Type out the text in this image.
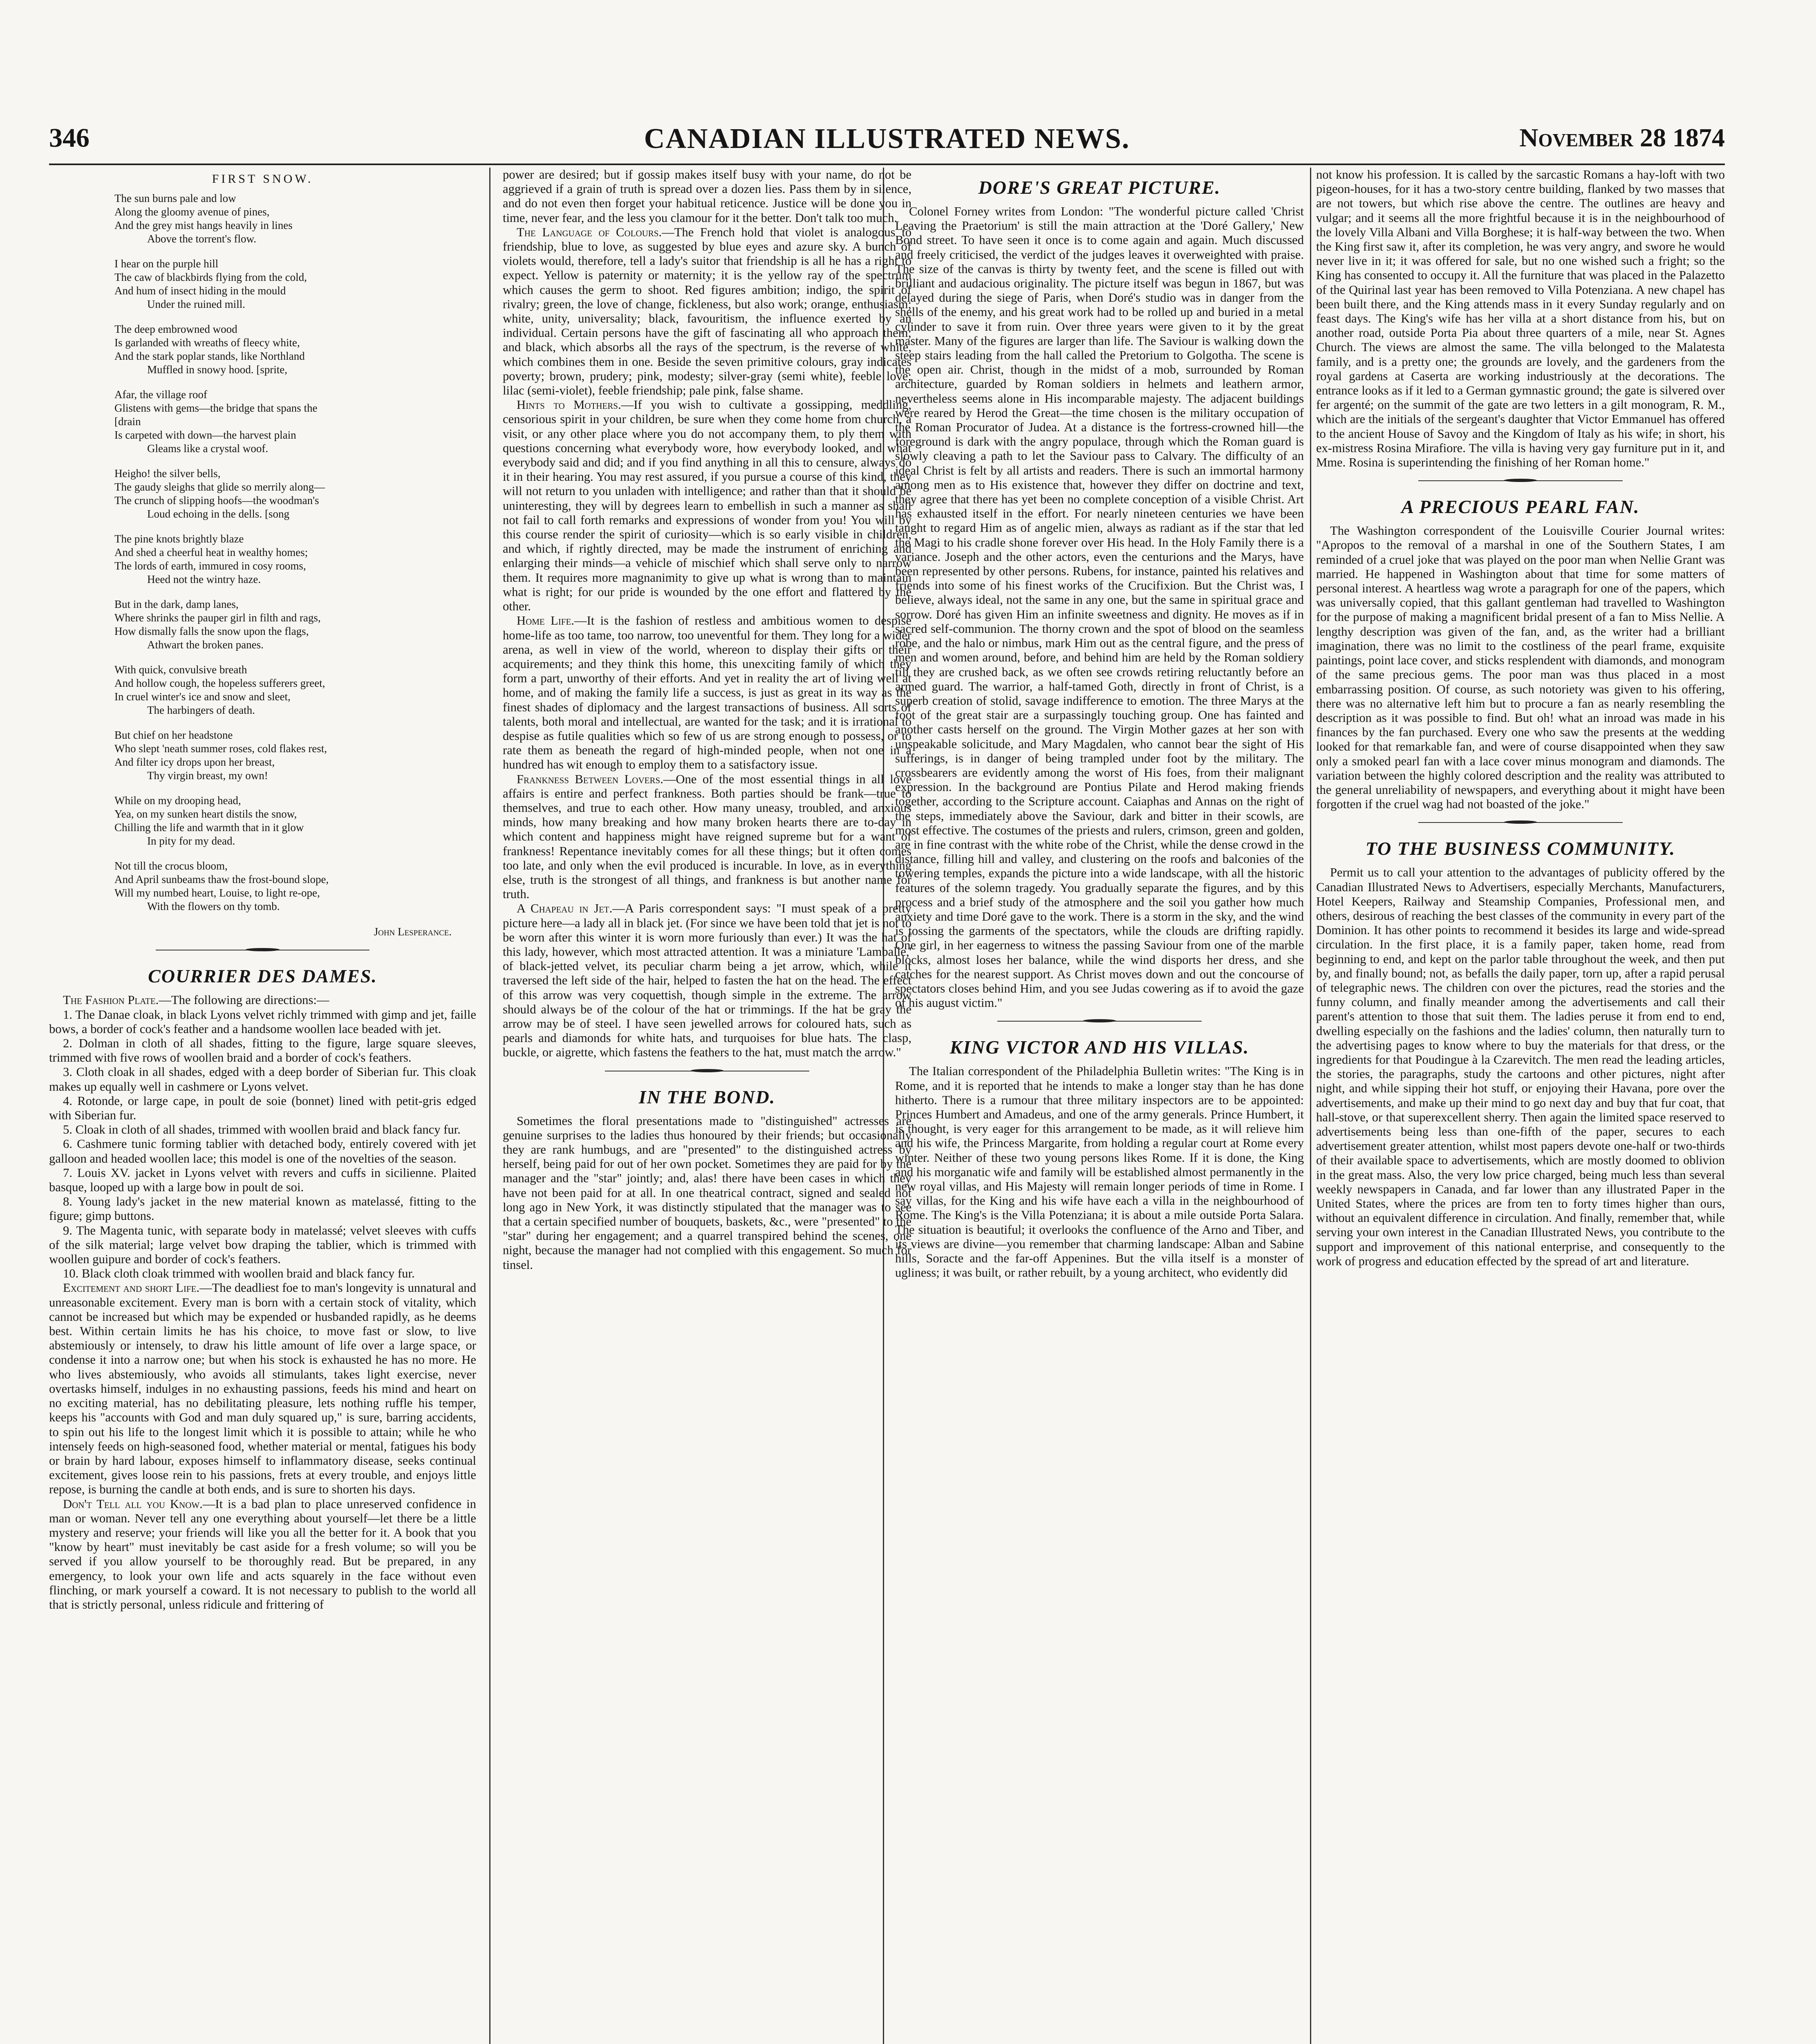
346	CANADIAN ILLUSTRATED NEWS.	November 28 1874
FIRST SNOW.
The sun burns pale and low
Along the gloomy avenue of pines,
And the grey mist hangs heavily in lines
Above the torrent's flow.
I hear on the purple hill
The caw of blackbirds flying from the cold,
And hum of insect hiding in the mould
Under the ruined mill.
The deep embrowned wood
Is garlanded with wreaths of fleecy white,
And the stark poplar stands, like Northland
Muffled in snowy hood. [sprite,
Afar, the village roof
Glistens with gems—the bridge that spans the
[drain
Is carpeted with down—the harvest plain
Gleams like a crystal woof.
Heigho! the silver bells,
The gaudy sleighs that glide so merrily along—
The crunch of slipping hoofs—the woodman's
Loud echoing in the dells. [song
The pine knots brightly blaze
And shed a cheerful heat in wealthy homes;
The lords of earth, immured in cosy rooms,
Heed not the wintry haze.
But in the dark, damp lanes,
Where shrinks the pauper girl in filth and rags,
How dismally falls the snow upon the flags,
Athwart the broken panes.
With quick, convulsive breath
And hollow cough, the hopeless sufferers greet,
In cruel winter's ice and snow and sleet,
The harbingers of death.
But chief on her headstone
Who slept 'neath summer roses, cold flakes rest,
And filter icy drops upon her breast,
Thy virgin breast, my own!
While on my drooping head,
Yea, on my sunken heart distils the snow,
Chilling the life and warmth that in it glow
In pity for my dead.
Not till the crocus bloom,
And April sunbeams thaw the frost-bound slope,
Will my numbed heart, Louise, to light re-ope,
With the flowers on thy tomb.
John Lesperance.
COURRIER DES DAMES.

The Fashion Plate.—The following are directions:—

1. The Danae cloak, in black Lyons velvet richly trimmed with gimp and jet, faille bows, a border of cock's feather and a handsome woollen lace beaded with jet.

2. Dolman in cloth of all shades, fitting to the figure, large square sleeves, trimmed with five rows of woollen braid and a border of cock's feathers.

3. Cloth cloak in all shades, edged with a deep border of Siberian fur. This cloak makes up equally well in cashmere or Lyons velvet.

4. Rotonde, or large cape, in poult de soie (bonnet) lined with petit-gris edged with Siberian fur.

5. Cloak in cloth of all shades, trimmed with woollen braid and black fancy fur.

6. Cashmere tunic forming tablier with detached body, entirely covered with jet galloon and headed woollen lace; this model is one of the novelties of the season.

7. Louis XV. jacket in Lyons velvet with revers and cuffs in sicilienne. Plaited basque, looped up with a large bow in poult de soi.

8. Young lady's jacket in the new material known as matelassé, fitting to the figure; gimp buttons.

9. The Magenta tunic, with separate body in matelassé; velvet sleeves with cuffs of the silk material; large velvet bow draping the tablier, which is trimmed with woollen guipure and border of cock's feathers.

10. Black cloth cloak trimmed with woollen braid and black fancy fur.

Excitement and short Life.—The deadliest foe to man's longevity is unnatural and unreasonable excitement. Every man is born with a certain stock of vitality, which cannot be increased but which may be expended or husbanded rapidly, as he deems best. Within certain limits he has his choice, to move fast or slow, to live abstemiously or intensely, to draw his little amount of life over a large space, or condense it into a narrow one; but when his stock is exhausted he has no more. He who lives abstemiously, who avoids all stimulants, takes light exercise, never overtasks himself, indulges in no exhausting passions, feeds his mind and heart on no exciting material, has no debilitating pleasure, lets nothing ruffle his temper, keeps his "accounts with God and man duly squared up," is sure, barring accidents, to spin out his life to the longest limit which it is possible to attain; while he who intensely feeds on high-seasoned food, whether material or mental, fatigues his body or brain by hard labour, exposes himself to inflammatory disease, seeks continual excitement, gives loose rein to his passions, frets at every trouble, and enjoys little repose, is burning the candle at both ends, and is sure to shorten his days.

Don't Tell all you Know.—It is a bad plan to place unreserved confidence in man or woman. Never tell any one everything about yourself—let there be a little mystery and reserve; your friends will like you all the better for it. A book that you "know by heart" must inevitably be cast aside for a fresh volume; so will you be served if you allow yourself to be thoroughly read. But be prepared, in any emergency, to look your own life and acts squarely in the face without even flinching, or mark yourself a coward. It is not necessary to publish to the world all that is strictly personal, unless ridicule and frittering of

power are desired; but if gossip makes itself busy with your name, do not be aggrieved if a grain of truth is spread over a dozen lies. Pass them by in silence, and do not even then forget your habitual reticence. Justice will be done you in time, never fear, and the less you clamour for it the better. Don't talk too much.

The Language of Colours.—The French hold that violet is analogous to friendship, blue to love, as suggested by blue eyes and azure sky. A bunch of violets would, therefore, tell a lady's suitor that friendship is all he has a right to expect. Yellow is paternity or maternity; it is the yellow ray of the spectrum which causes the germ to shoot. Red figures ambition; indigo, the spirit of rivalry; green, the love of change, fickleness, but also work; orange, enthusiasm; white, unity, universality; black, favouritism, the influence exerted by an individual. Certain persons have the gift of fascinating all who approach them; and black, which absorbs all the rays of the spectrum, is the reverse of white, which combines them in one. Beside the seven primitive colours, gray indicates poverty; brown, prudery; pink, modesty; silver-gray (semi white), feeble love; lilac (semi-violet), feeble friendship; pale pink, false shame.

Hints to Mothers.—If you wish to cultivate a gossipping, meddling, censorious spirit in your children, be sure when they come home from church, a visit, or any other place where you do not accompany them, to ply them with questions concerning what everybody wore, how everybody looked, and what everybody said and did; and if you find anything in all this to censure, always do it in their hearing. You may rest assured, if you pursue a course of this kind, they will not return to you unladen with intelligence; and rather than that it should be uninteresting, they will by degrees learn to embellish in such a manner as shall not fail to call forth remarks and expressions of wonder from you! You will by this course render the spirit of curiosity—which is so early visible in children, and which, if rightly directed, may be made the instrument of enriching and enlarging their minds—a vehicle of mischief which shall serve only to narrow them. It requires more magnanimity to give up what is wrong than to maintain what is right; for our pride is wounded by the one effort and flattered by the other.

Home Life.—It is the fashion of restless and ambitious women to despise home-life as too tame, too narrow, too uneventful for them. They long for a wider arena, as well in view of the world, whereon to display their gifts or their acquirements; and they think this home, this unexciting family of which they form a part, unworthy of their efforts. And yet in reality the art of living well at home, and of making the family life a success, is just as great in its way as the finest shades of diplomacy and the largest transactions of business. All sorts of talents, both moral and intellectual, are wanted for the task; and it is irrational to despise as futile qualities which so few of us are strong enough to possess, or to rate them as beneath the regard of high-minded people, when not one in a hundred has wit enough to employ them to a satisfactory issue.

Frankness Between Lovers.—One of the most essential things in all love affairs is entire and perfect frankness. Both parties should be frank—true to themselves, and true to each other. How many uneasy, troubled, and anxious minds, how many breaking and how many broken hearts there are to-day in which content and happiness might have reigned supreme but for a want of frankness! Repentance inevitably comes for all these things; but it often comes too late, and only when the evil produced is incurable. In love, as in everything else, truth is the strongest of all things, and frankness is but another name for truth.

A Chapeau in Jet.—A Paris correspondent says: "I must speak of a pretty picture here—a lady all in black jet. (For since we have been told that jet is not to be worn after this winter it is worn more furiously than ever.) It was the hat of this lady, however, which most attracted attention. It was a miniature 'Lamballe,' of black-jetted velvet, its peculiar charm being a jet arrow, which, while it traversed the left side of the hair, helped to fasten the hat on the head. The effect of this arrow was very coquettish, though simple in the extreme. The arrow should always be of the colour of the hat or trimmings. If the hat be gray the arrow may be of steel. I have seen jewelled arrows for coloured hats, such as pearls and diamonds for white hats, and turquoises for blue hats. The clasp, buckle, or aigrette, which fastens the feathers to the hat, must match the arrow."

IN THE BOND.

Sometimes the floral presentations made to "distinguished" actresses are genuine surprises to the ladies thus honoured by their friends; but occasionally they are rank humbugs, and are "presented" to the distinguished actress by herself, being paid for out of her own pocket. Sometimes they are paid for by the manager and the "star" jointly; and, alas! there have been cases in which they have not been paid for at all. In one theatrical contract, signed and sealed not long ago in New York, it was distinctly stipulated that the manager was to see that a certain specified number of bouquets, baskets, &c., were "presented" to the "star" during her engagement; and a quarrel transpired behind the scenes, one night, because the manager had not complied with this engagement. So much for tinsel.

DORE'S GREAT PICTURE.

Colonel Forney writes from London: "The wonderful picture called 'Christ Leaving the Praetorium' is still the main attraction at the 'Doré Gallery,' New Bond street. To have seen it once is to come again and again. Much discussed and freely criticised, the verdict of the judges leaves it overweighted with praise. The size of the canvas is thirty by twenty feet, and the scene is filled out with brilliant and audacious originality. The picture itself was begun in 1867, but was delayed during the siege of Paris, when Doré's studio was in danger from the shells of the enemy, and his great work had to be rolled up and buried in a metal cylinder to save it from ruin. Over three years were given to it by the great master. Many of the figures are larger than life. The Saviour is walking down the steep stairs leading from the hall called the Pretorium to Golgotha. The scene is the open air. Christ, though in the midst of a mob, surrounded by Roman architecture, guarded by Roman soldiers in helmets and leathern armor, nevertheless seems alone in His incomparable majesty. The adjacent buildings were reared by Herod the Great—the time chosen is the military occupation of the Roman Procurator of Judea. At a distance is the fortress-crowned hill—the foreground is dark with the angry populace, through which the Roman guard is slowly cleaving a path to let the Saviour pass to Calvary. The difficulty of an ideal Christ is felt by all artists and readers. There is such an immortal harmony among men as to His existence that, however they differ on doctrine and text, they agree that there has yet been no complete conception of a visible Christ. Art has exhausted itself in the effort. For nearly nineteen centuries we have been taught to regard Him as of angelic mien, always as radiant as if the star that led the Magi to his cradle shone forever over His head. In the Holy Family there is a variance. Joseph and the other actors, even the centurions and the Marys, have been represented by other persons. Rubens, for instance, painted his relatives and friends into some of his finest works of the Crucifixion. But the Christ was, I believe, always ideal, not the same in any one, but the same in spiritual grace and sorrow. Doré has given Him an infinite sweetness and dignity. He moves as if in sacred self-communion. The thorny crown and the spot of blood on the seamless robe, and the halo or nimbus, mark Him out as the central figure, and the press of men and women around, before, and behind him are held by the Roman soldiery till they are crushed back, as we often see crowds retiring reluctantly before an armed guard. The warrior, a half-tamed Goth, directly in front of Christ, is a superb creation of stolid, savage indifference to emotion. The three Marys at the foot of the great stair are a surpassingly touching group. One has fainted and another casts herself on the ground. The Virgin Mother gazes at her son with unspeakable solicitude, and Mary Magdalen, who cannot bear the sight of His sufferings, is in danger of being trampled under foot by the military. The crossbearers are evidently among the worst of His foes, from their malignant expression. In the background are Pontius Pilate and Herod making friends together, according to the Scripture account. Caiaphas and Annas on the right of the steps, immediately above the Saviour, dark and bitter in their scowls, are most effective. The costumes of the priests and rulers, crimson, green and golden, are in fine contrast with the white robe of the Christ, while the dense crowd in the distance, filling hill and valley, and clustering on the roofs and balconies of the towering temples, expands the picture into a wide landscape, with all the historic features of the solemn tragedy. You gradually separate the figures, and by this process and a brief study of the atmosphere and the soil you gather how much anxiety and time Doré gave to the work. There is a storm in the sky, and the wind is tossing the garments of the spectators, while the clouds are drifting rapidly. One girl, in her eagerness to witness the passing Saviour from one of the marble blocks, almost loses her balance, while the wind disports her dress, and she catches for the nearest support. As Christ moves down and out the concourse of spectators closes behind Him, and you see Judas cowering as if to avoid the gaze of his august victim."

KING VICTOR AND HIS VILLAS.

The Italian correspondent of the Philadelphia Bulletin writes: "The King is in Rome, and it is reported that he intends to make a longer stay than he has done hitherto. There is a rumour that three military inspectors are to be appointed: Princes Humbert and Amadeus, and one of the army generals. Prince Humbert, it is thought, is very eager for this arrangement to be made, as it will relieve him and his wife, the Princess Margarite, from holding a regular court at Rome every winter. Neither of these two young persons likes Rome. If it is done, the King and his morganatic wife and family will be established almost permanently in the new royal villas, and His Majesty will remain longer periods of time in Rome. I say villas, for the King and his wife have each a villa in the neighbourhood of Rome. The King's is the Villa Potenziana; it is about a mile outside Porta Salara. The situation is beautiful; it overlooks the confluence of the Arno and Tiber, and its views are divine—you remember that charming landscape: Alban and Sabine hills, Soracte and the far-off Appenines. But the villa itself is a monster of ugliness; it was built, or rather rebuilt, by a young architect, who evidently did

not know his profession. It is called by the sarcastic Romans a hay-loft with two pigeon-houses, for it has a two-story centre building, flanked by two masses that are not towers, but which rise above the centre. The outlines are heavy and vulgar; and it seems all the more frightful because it is in the neighbourhood of the lovely Villa Albani and Villa Borghese; it is half-way between the two. When the King first saw it, after its completion, he was very angry, and swore he would never live in it; it was offered for sale, but no one wished such a fright; so the King has consented to occupy it. All the furniture that was placed in the Palazetto of the Quirinal last year has been removed to Villa Potenziana. A new chapel has been built there, and the King attends mass in it every Sunday regularly and on feast days. The King's wife has her villa at a short distance from his, but on another road, outside Porta Pia about three quarters of a mile, near St. Agnes Church. The views are almost the same. The villa belonged to the Malatesta family, and is a pretty one; the grounds are lovely, and the gardeners from the royal gardens at Caserta are working industriously at the decorations. The entrance looks as if it led to a German gymnastic ground; the gate is silvered over fer argenté; on the summit of the gate are two letters in a gilt monogram, R. M., which are the initials of the sergeant's daughter that Victor Emmanuel has offered to the ancient House of Savoy and the Kingdom of Italy as his wife; in short, his ex-mistress Rosina Mirafiore. The villa is having very gay furniture put in it, and Mme. Rosina is superintending the finishing of her Roman home."

A PRECIOUS PEARL FAN.

The Washington correspondent of the Louisville Courier Journal writes: "Apropos to the removal of a marshal in one of the Southern States, I am reminded of a cruel joke that was played on the poor man when Nellie Grant was married. He happened in Washington about that time for some matters of personal interest. A heartless wag wrote a paragraph for one of the papers, which was universally copied, that this gallant gentleman had travelled to Washington for the purpose of making a magnificent bridal present of a fan to Miss Nellie. A lengthy description was given of the fan, and, as the writer had a brilliant imagination, there was no limit to the costliness of the pearl frame, exquisite paintings, point lace cover, and sticks resplendent with diamonds, and monogram of the same precious gems. The poor man was thus placed in a most embarrassing position. Of course, as such notoriety was given to his offering, there was no alternative left him but to procure a fan as nearly resembling the description as it was possible to find. But oh! what an inroad was made in his finances by the fan purchased. Every one who saw the presents at the wedding looked for that remarkable fan, and were of course disappointed when they saw only a smoked pearl fan with a lace cover minus monogram and diamonds. The variation between the highly colored description and the reality was attributed to the general unreliability of newspapers, and everything about it might have been forgotten if the cruel wag had not boasted of the joke."

TO THE BUSINESS COMMUNITY.

Permit us to call your attention to the advantages of publicity offered by the Canadian Illustrated News to Advertisers, especially Merchants, Manufacturers, Hotel Keepers, Railway and Steamship Companies, Professional men, and others, desirous of reaching the best classes of the community in every part of the Dominion. It has other points to recommend it besides its large and wide-spread circulation. In the first place, it is a family paper, taken home, read from beginning to end, and kept on the parlor table throughout the week, and then put by, and finally bound; not, as befalls the daily paper, torn up, after a rapid perusal of telegraphic news. The children con over the pictures, read the stories and the funny column, and finally meander among the advertisements and call their parent's attention to those that suit them. The ladies peruse it from end to end, dwelling especially on the fashions and the ladies' column, then naturally turn to the advertising pages to know where to buy the materials for that dress, or the ingredients for that Poudingue à la Czarevitch. The men read the leading articles, the stories, the paragraphs, study the cartoons and other pictures, night after night, and while sipping their hot stuff, or enjoying their Havana, pore over the advertisements, and make up their mind to go next day and buy that fur coat, that hall-stove, or that superexcellent sherry. Then again the limited space reserved to advertisements being less than one-fifth of the paper, secures to each advertisement greater attention, whilst most papers devote one-half or two-thirds of their available space to advertisements, which are mostly doomed to oblivion in the great mass. Also, the very low price charged, being much less than several weekly newspapers in Canada, and far lower than any illustrated Paper in the United States, where the prices are from ten to forty times higher than ours, without an equivalent difference in circulation. And finally, remember that, while serving your own interest in the Canadian Illustrated News, you contribute to the support and improvement of this national enterprise, and consequently to the work of progress and education effected by the spread of art and literature.
